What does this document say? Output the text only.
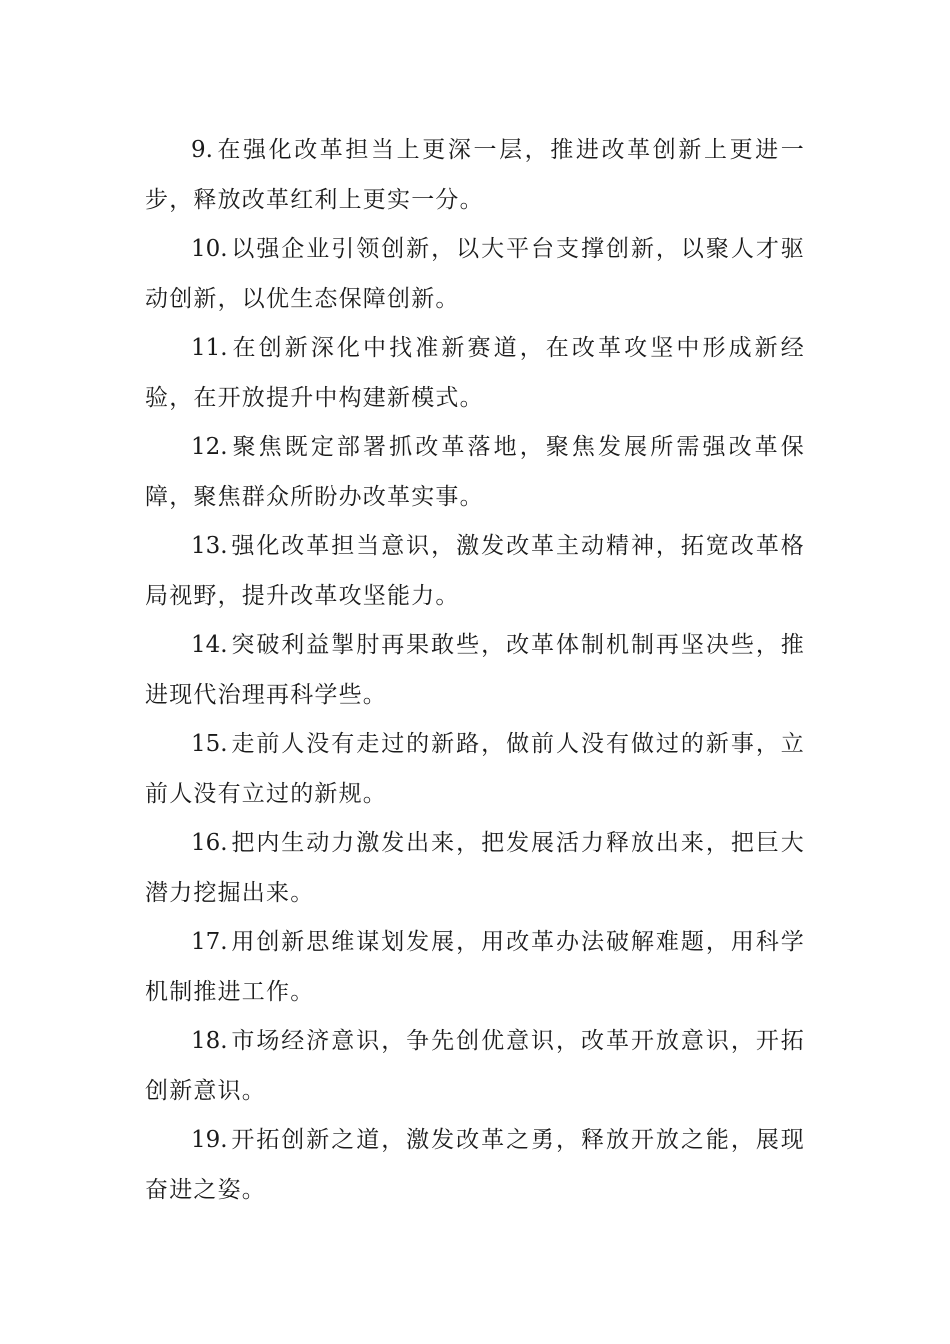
9. 在强化改革担当上更深一层，推进改革创新上更进一步，释放改革红利上更实一分。

10. 以强企业引领创新，以大平台支撑创新，以聚人才驱动创新，以优生态保障创新。

11. 在创新深化中找准新赛道，在改革攻坚中形成新经验，在开放提升中构建新模式。

12. 聚焦既定部署抓改革落地，聚焦发展所需强改革保障，聚焦群众所盼办改革实事。

13. 强化改革担当意识，激发改革主动精神，拓宽改革格局视野，提升改革攻坚能力。

14. 突破利益掣肘再果敢些，改革体制机制再坚决些，推进现代治理再科学些。

15. 走前人没有走过的新路，做前人没有做过的新事，立前人没有立过的新规。

16. 把内生动力激发出来，把发展活力释放出来，把巨大潜力挖掘出来。

17. 用创新思维谋划发展，用改革办法破解难题，用科学机制推进工作。

18. 市场经济意识，争先创优意识，改革开放意识，开拓创新意识。

19. 开拓创新之道，激发改革之勇，释放开放之能，展现奋进之姿。
